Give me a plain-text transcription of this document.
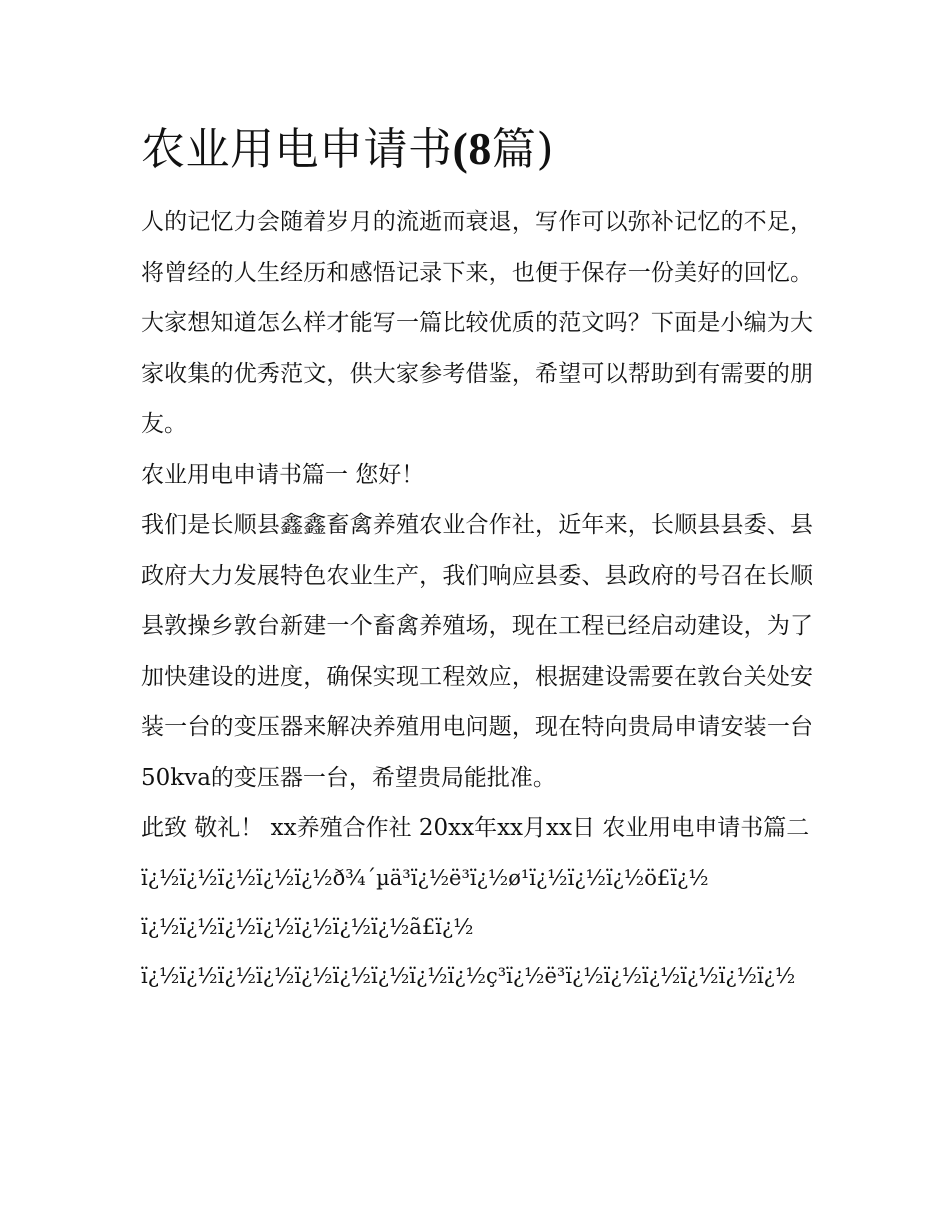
农业用电申请书(8篇)

人的记忆力会随着岁月的流逝而衰退，写作可以弥补记忆的不足，将曾经的人生经历和感悟记录下来，也便于保存一份美好的回忆。大家想知道怎么样才能写一篇比较优质的范文吗？下面是小编为大家收集的优秀范文，供大家参考借鉴，希望可以帮助到有需要的朋友。

农业用电申请书篇一 您好！

我们是长顺县鑫鑫畜禽养殖农业合作社，近年来，长顺县县委、县政府大力发展特色农业生产，我们响应县委、县政府的号召在长顺县敦操乡敦台新建一个畜禽养殖场，现在工程已经启动建设，为了加快建设的进度，确保实现工程效应，根据建设需要在敦台关处安装一台的变压器来解决养殖用电问题，现在特向贵局申请安装一台50kva的变压器一台，希望贵局能批准。

此致 敬礼！ xx养殖合作社 20xx年xx月xx日 农业用电申请书篇二

ï¿½ï¿½ï¿½ï¿½ï¿½ð¾´µä³ï¿½ë³ï¿½ø¹ï¿½ï¿½ï¿½ö£ï¿½

ï¿½ï¿½ï¿½ï¿½ï¿½ï¿½ï¿½ã£ï¿½

ï¿½ï¿½ï¿½ï¿½ï¿½ï¿½ï¿½ï¿½ï¿½ç³ï¿½ë³ï¿½ï¿½ï¿½ï¿½ï¿½ï¿½
